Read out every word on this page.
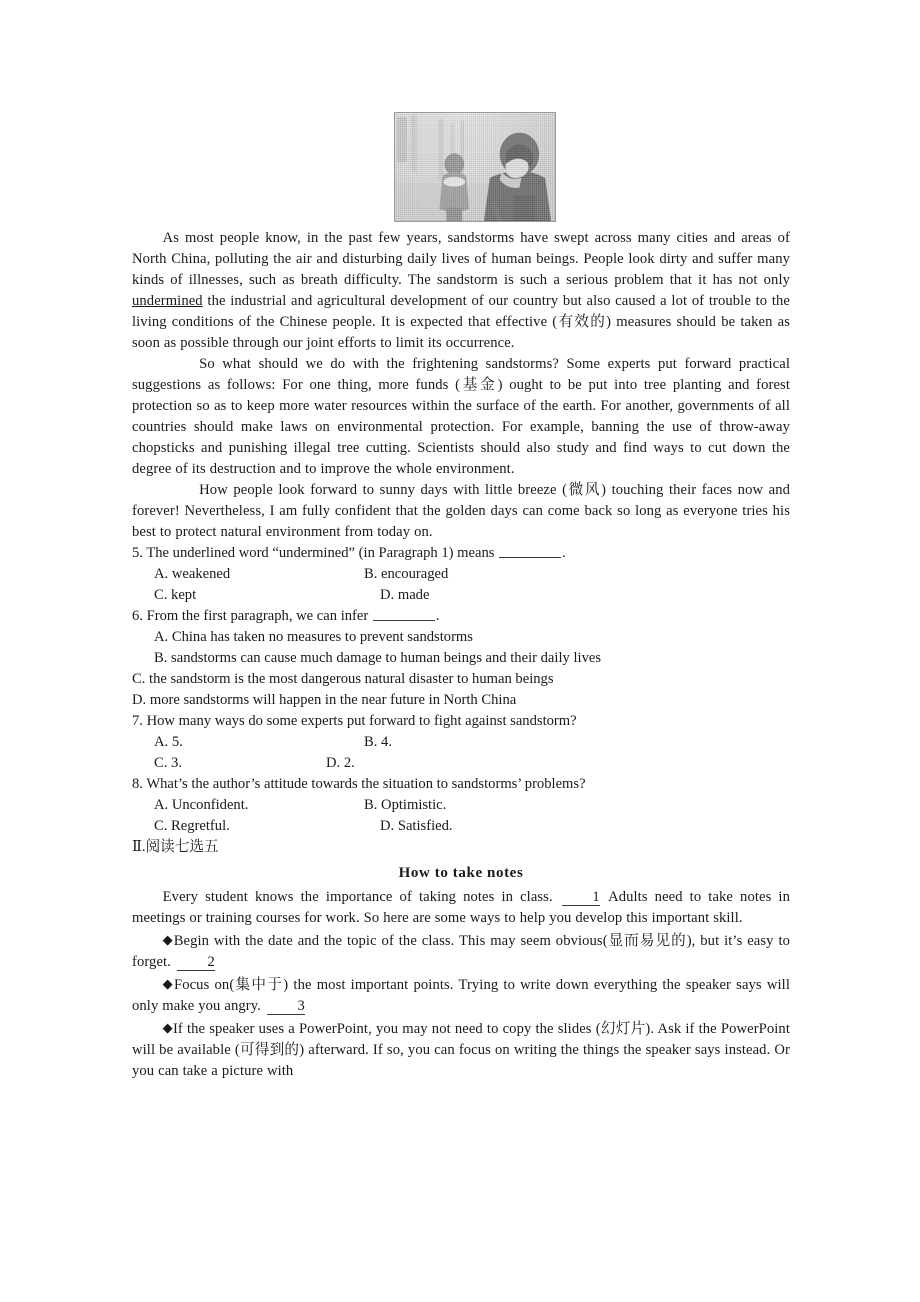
As most people know, in the past few years, sandstorms have swept across many cities and areas of North China, polluting the air and disturbing daily lives of human beings. People look dirty and suffer many kinds of illnesses, such as breath difficulty. The sandstorm is such a serious problem that it has not only undermined the industrial and agricultural development of our country but also caused a lot of trouble to the living conditions of the Chinese people. It is expected that effective (有效的) measures should be taken as soon as possible through our joint efforts to limit its occurrence.

So what should we do with the frightening sandstorms? Some experts put forward practical suggestions as follows: For one thing, more funds (基金) ought to be put into tree planting and forest protection so as to keep more water resources within the surface of the earth. For another, governments of all countries should make laws on environmental protection. For example, banning the use of throw-away chopsticks and punishing illegal tree cutting. Scientists should also study and find ways to cut down the degree of its destruction and to improve the whole environment.

How people look forward to sunny days with little breeze (微风) touching their faces now and forever! Nevertheless, I am fully confident that the golden days can come back so long as everyone tries his best to protect natural environment from today on.

5. The underlined word “undermined” (in Paragraph 1) means	.

A. weakened	B. encouraged

C. kept	D. made

6. From the first paragraph, we can infer	.

A. China has taken no measures to prevent sandstorms

B. sandstorms can cause much damage to human beings and their daily lives

C. the sandstorm is the most dangerous natural disaster to human beings

D. more sandstorms will happen in the near future in North China

7. How many ways do some experts put forward to fight against sandstorm?

A. 5.	B. 4.

C. 3.	D. 2.

8. What’s the author’s attitude towards the situation to sandstorms’ problems?

A. Unconfident.	B. Optimistic.

C. Regretful.	D. Satisfied.

Ⅱ.阅读七选五

How to take notes

Every student knows the importance of taking notes in class. 1 Adults need to take notes in meetings or training courses for work. So here are some ways to help you develop this important skill.

◆Begin with the date and the topic of the class. This may seem obvious(显而易见的), but it’s easy to forget. 2

◆Focus on(集中于) the most important points. Trying to write down everything the speaker says will only make you angry. 3

◆If the speaker uses a PowerPoint, you may not need to copy the slides (幻灯片). Ask if the PowerPoint will be available (可得到的) afterward. If so, you can focus on writing the things the speaker says instead. Or you can take a picture with
